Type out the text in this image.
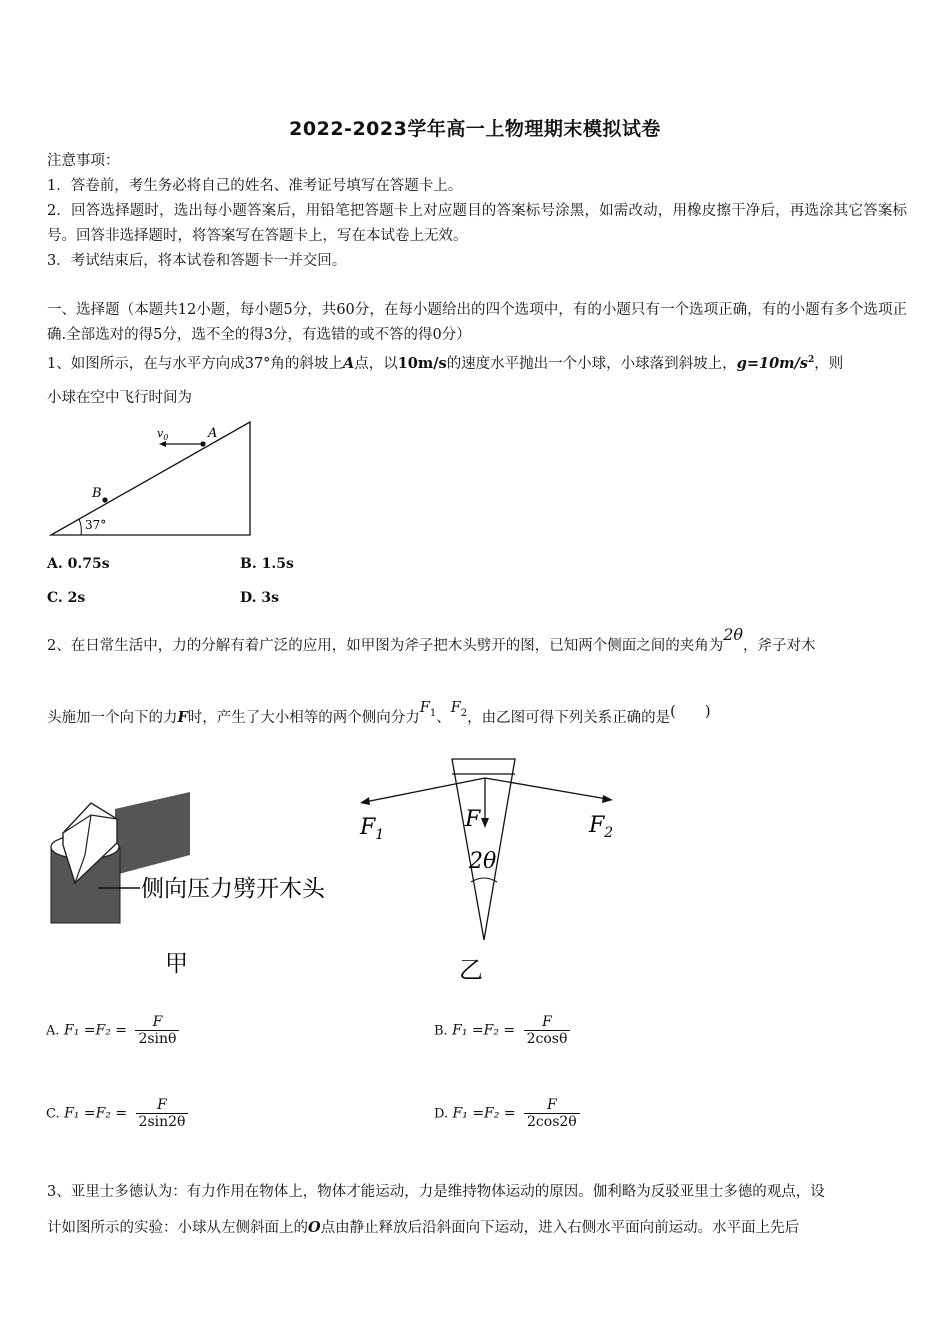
2022-2023学年高一上物理期末模拟试卷
注意事项：
1．答卷前，考生务必将自己的姓名、准考证号填写在答题卡上。
2．回答选择题时，选出每小题答案后，用铅笔把答题卡上对应题目的答案标号涂黑，如需改动，用橡皮擦干净后，再选涂其它答案标号。回答非选择题时，将答案写在答题卡上，写在本试卷上无效。
3．考试结束后，将本试卷和答题卡一并交回。
一、选择题（本题共12小题，每小题5分，共60分，在每小题给出的四个选项中，有的小题只有一个选项正确，有的小题有多个选项正确.全部选对的得5分，选不全的得3分，有选错的或不答的得0分）
1、如图所示，在与水平方向成37°角的斜坡上A点，以10m/s的速度水平抛出一个小球，小球落到斜坡上，$g=10m/s^2$，则
小球在空中飞行时间为
$v_0$	A
B
37°
A. 0.75s	B. 1.5s
C. 2s	D. 3s
2、在日常生活中，力的分解有着广泛的应用，如甲图为斧子把木头劈开的图，已知两个侧面之间的夹角为2θ，斧子对木
头施加一个向下的力F时，产生了大小相等的两个侧向分力$F_1$、$F_2$，由乙图可得下列关系正确的是(　　)
侧向压力劈开木头
甲
F
$F_1$	$F_2$
2θ
乙
A. $F_1 =F_2 = \frac{F}{2\sin\theta}$	B. $F_1 =F_2 = \frac{F}{2\cos\theta}$
C. $F_1 =F_2 = \frac{F}{2\sin 2\theta}$	D. $F_1 =F_2 = \frac{F}{2\cos 2\theta}$
3、亚里士多德认为：有力作用在物体上，物体才能运动，力是维持物体运动的原因。伽利略为反驳亚里士多德的观点，设
计如图所示的实验：小球从左侧斜面上的O点由静止释放后沿斜面向下运动，进入右侧水平面向前运动。水平面上先后
